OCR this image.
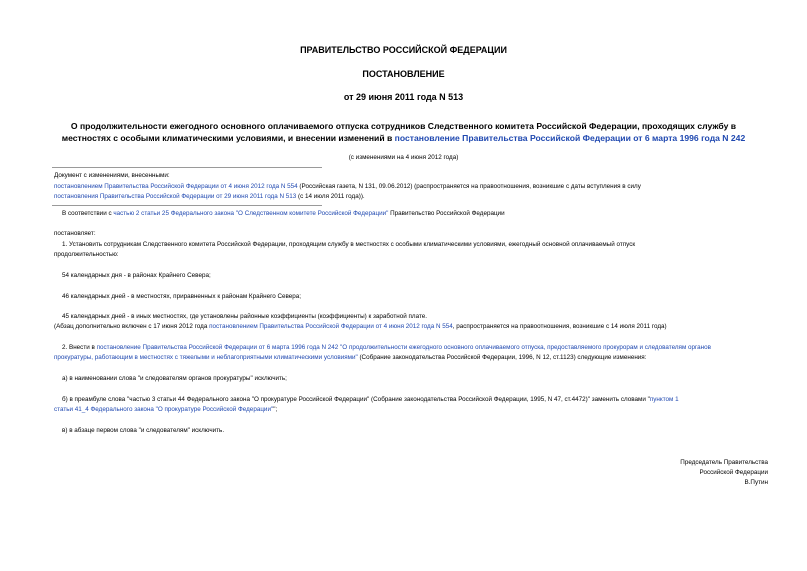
ПРАВИТЕЛЬСТВО РОССИЙСКОЙ ФЕДЕРАЦИИ
ПОСТАНОВЛЕНИЕ
от 29 июня 2011 года N 513
О продолжительности ежегодного основного оплачиваемого отпуска сотрудников Следственного комитета Российской Федерации, проходящих службу в
местностях с особыми климатическими условиями, и внесении изменений в постановление Правительства Российской Федерации от 6 марта 1996 года N 242
(с изменениями на 4 июня 2012 года)
Документ с изменениями, внесенными:
постановлением Правительства Российской Федерации от 4 июня 2012 года N 554 (Российская газета, N 131, 09.06.2012) (распространяется на правоотношения, возникшие с даты вступления в силу
постановления Правительства Российской Федерации от 29 июня 2011 года N 513 (с 14 июля 2011 года)).
В соответствии с частью 2 статьи 25 Федерального закона "О Следственном комитете Российской Федерации" Правительство Российской Федерации
постановляет:
1. Установить сотрудникам Следственного комитета Российской Федерации, проходящим службу в местностях с особыми климатическими условиями, ежегодный основной оплачиваемый отпуск
продолжительностью:
54 календарных дня - в районах Крайнего Севера;
46 календарных дней - в местностях, приравненных к районам Крайнего Севера;
45 календарных дней - в иных местностях, где установлены районные коэффициенты (коэффициенты) к заработной плате.
(Абзац дополнительно включен с 17 июня 2012 года постановлением Правительства Российской Федерации от 4 июня 2012 года N 554, распространяется на правоотношения, возникшие с 14 июля 2011 года)
2. Внести в постановление Правительства Российской Федерации от 6 марта 1996 года N 242 "О продолжительности ежегодного основного оплачиваемого отпуска, предоставляемого прокурорам и следователям органов
прокуратуры, работающим в местностях с тяжелыми и неблагоприятными климатическими условиями" (Собрание законодательства Российской Федерации, 1996, N 12, ст.1123) следующие изменения:
а) в наименовании слова "и следователям органов прокуратуры" исключить;
б) в преамбуле слова "частью 3 статьи 44 Федерального закона "О прокуратуре Российской Федерации" (Собрание законодательства Российской Федерации, 1995, N 47, ст.4472)" заменить словами "пунктом 1
статьи 41_4 Федерального закона "О прокуратуре Российской Федерации"";
в) в абзаце первом слова "и следователям" исключить.
Председатель Правительства
Российской Федерации
В.Путин
